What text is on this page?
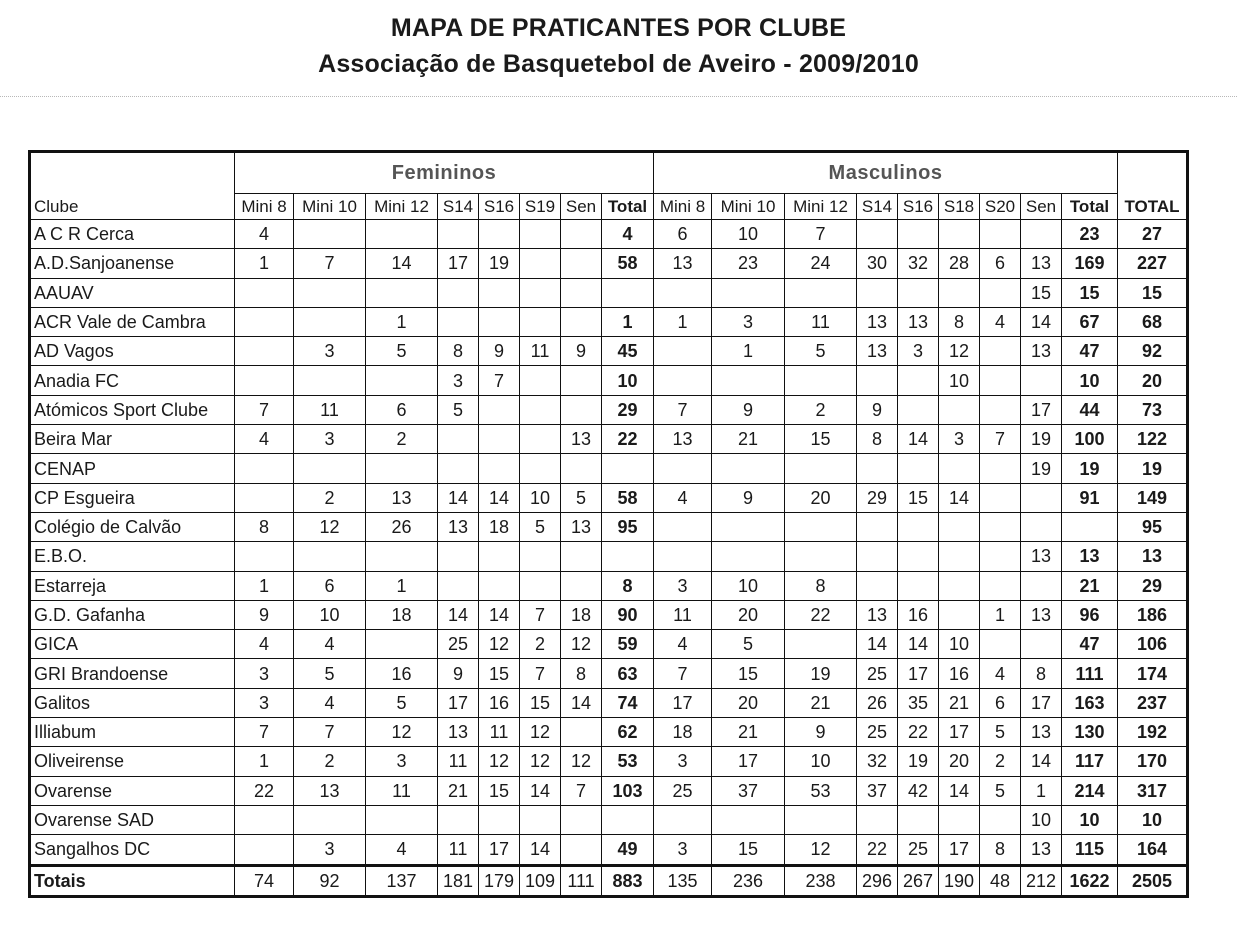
MAPA DE PRATICANTES POR CLUBE
Associação de Basquetebol de Aveiro - 2009/2010
	Femininos								Masculinos									
Clube	Mini 8	Mini 10	Mini 12	S14	S16	S19	Sen	Total	Mini 8	Mini 10	Mini 12	S14	S16	S18	S20	Sen	Total	TOTAL
A C R Cerca	4							4	6	10	7						23	27
A.D.Sanjoanense	1	7	14	17	19			58	13	23	24	30	32	28	6	13	169	227
AAUAV																15	15	15
ACR Vale de Cambra			1					1	1	3	11	13	13	8	4	14	67	68
AD Vagos		3	5	8	9	11	9	45		1	5	13	3	12		13	47	92
Anadia FC				3	7			10						10			10	20
Atómicos Sport Clube	7	11	6	5				29	7	9	2	9				17	44	73
Beira Mar	4	3	2				13	22	13	21	15	8	14	3	7	19	100	122
CENAP																19	19	19
CP Esgueira		2	13	14	14	10	5	58	4	9	20	29	15	14			91	149
Colégio de Calvão	8	12	26	13	18	5	13	95										95
E.B.O.																13	13	13
Estarreja	1	6	1					8	3	10	8						21	29
G.D. Gafanha	9	10	18	14	14	7	18	90	11	20	22	13	16		1	13	96	186
GICA	4	4		25	12	2	12	59	4	5		14	14	10			47	106
GRI Brandoense	3	5	16	9	15	7	8	63	7	15	19	25	17	16	4	8	111	174
Galitos	3	4	5	17	16	15	14	74	17	20	21	26	35	21	6	17	163	237
Illiabum	7	7	12	13	11	12		62	18	21	9	25	22	17	5	13	130	192
Oliveirense	1	2	3	11	12	12	12	53	3	17	10	32	19	20	2	14	117	170
Ovarense	22	13	11	21	15	14	7	103	25	37	53	37	42	14	5	1	214	317
Ovarense SAD																10	10	10
Sangalhos DC		3	4	11	17	14		49	3	15	12	22	25	17	8	13	115	164
Totais	74	92	137	181	179	109	111	883	135	236	238	296	267	190	48	212	1622	2505
